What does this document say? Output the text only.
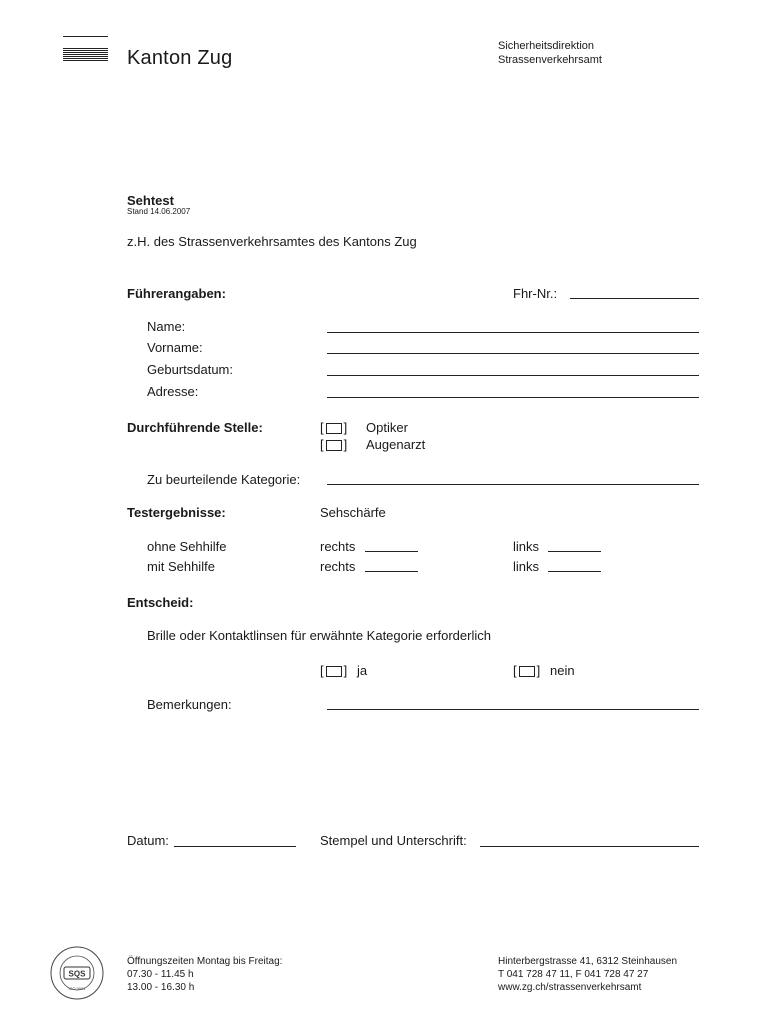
Kanton Zug
Sicherheitsdirektion
Strassenverkehrsamt
Sehtest
Stand 14.06.2007
z.H. des Strassenverkehrsamtes des Kantons Zug
Führerangaben:	Fhr-Nr.:
Name:
Vorname:
Geburtsdatum:
Adresse:
Durchführende Stelle:	[ ] Optiker
[ ] Augenarzt
Zu beurteilende Kategorie:
Testergebnisse:	Sehschärfe
ohne Sehhilfe	rechts	links
mit Sehhilfe	rechts	links
Entscheid:
Brille oder Kontaktlinsen für erwähnte Kategorie erforderlich
[ ] ja	[ ] nein
Bemerkungen:
Datum:	Stempel und Unterschrift:
SQS
ISO 9001
Öffnungszeiten Montag bis Freitag:
07.30 - 11.45 h
13.00 - 16.30 h
Hinterbergstrasse 41, 6312 Steinhausen
T 041 728 47 11, F 041 728 47 27
www.zg.ch/strassenverkehrsamt
